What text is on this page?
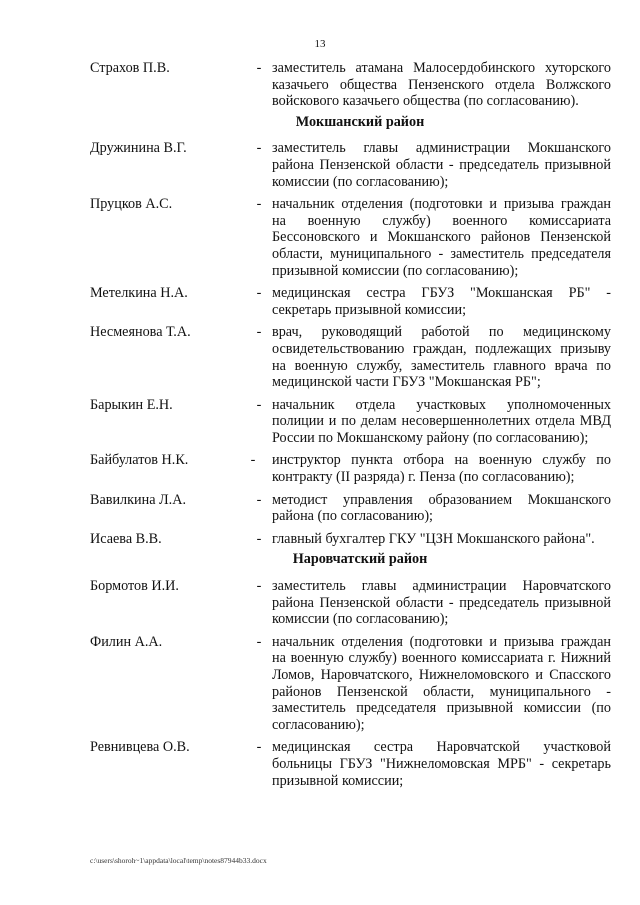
13
Страхов П.В.	- заместитель атамана Малосердобинского хуторского казачьего общества Пензенского отдела Волжского войскового казачьего общества (по согласованию).
Мокшанский район
Дружинина В.Г.	- заместитель главы администрации Мокшанского района Пензенской области - председатель призывной комиссии (по согласованию);
Пруцков А.С.	- начальник отделения (подготовки и призыва граждан на военную службу) военного комиссариата Бессоновского и Мокшанского районов Пензенской области, муниципального - заместитель председателя призывной комиссии (по согласованию);
Метелкина Н.А.	- медицинская сестра ГБУЗ "Мокшанская РБ" - секретарь призывной комиссии;
Несмеянова Т.А.	- врач, руководящий работой по медицинскому освидетельствованию граждан, подлежащих призыву на военную службу, заместитель главного врача по медицинской части ГБУЗ "Мокшанская РБ";
Барыкин Е.Н.	- начальник отдела участковых уполномоченных полиции и по делам несовершеннолетних отдела МВД России по Мокшанскому району (по согласованию);
Байбулатов Н.К.	- инструктор пункта отбора на военную службу по контракту (II разряда) г. Пенза (по согласованию);
Вавилкина Л.А.	- методист управления образованием Мокшанского района (по согласованию);
Исаева В.В.	- главный бухгалтер ГКУ "ЦЗН Мокшанского района".
Наровчатский район
Бормотов И.И.	- заместитель главы администрации Наровчатского района Пензенской области - председатель призывной комиссии (по согласованию);
Филин А.А.	- начальник отделения (подготовки и призыва граждан на военную службу) военного комиссариата г. Нижний Ломов, Наровчатского, Нижнеломовского и Спасского районов Пензенской области, муниципального - заместитель председателя призывной комиссии (по согласованию);
Ревнивцева О.В.	- медицинская сестра Наровчатской участковой больницы ГБУЗ "Нижнеломовская МРБ" - секретарь призывной комиссии;
c:\users\shoroh~1\appdata\local\temp\notes87944b33.docx
